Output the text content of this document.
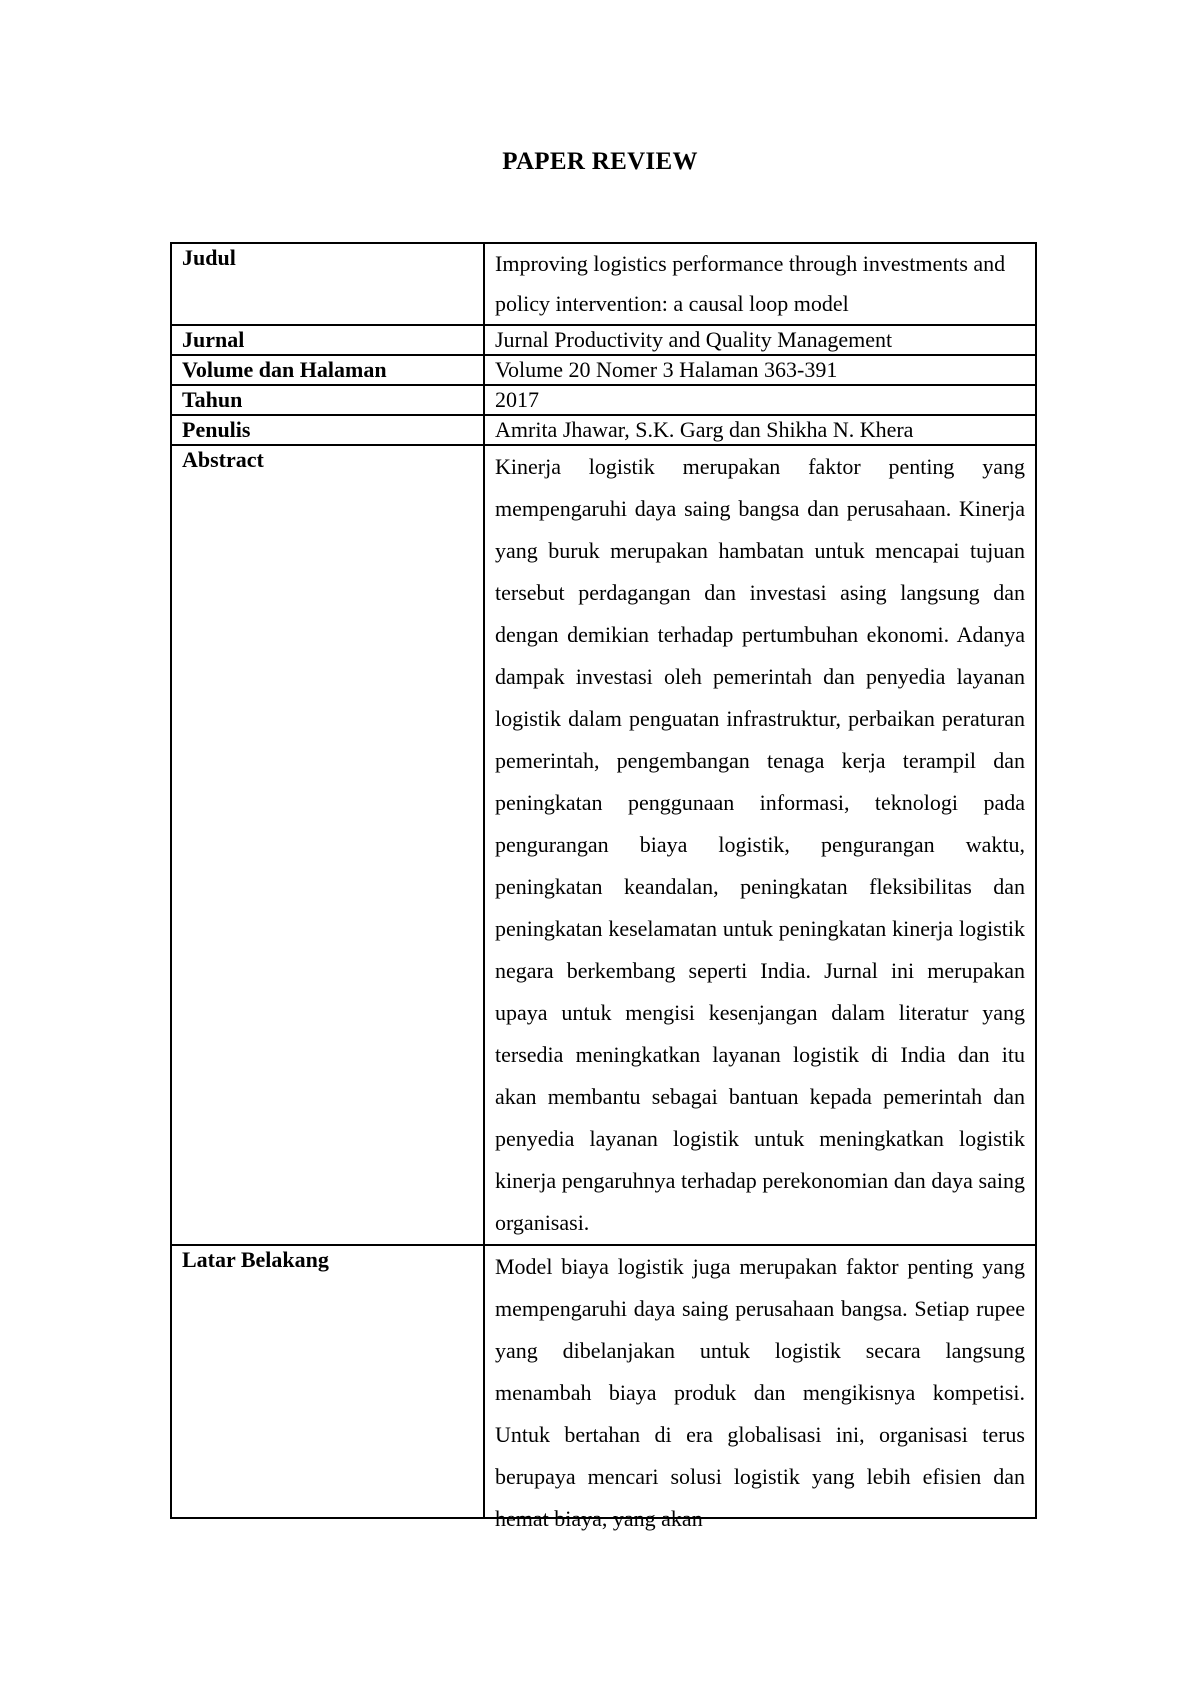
PAPER REVIEW
Judul	Improving logistics performance through investments and policy intervention: a causal loop model
Jurnal	Jurnal Productivity and Quality Management
Volume dan Halaman	Volume 20 Nomer 3 Halaman 363-391
Tahun	2017
Penulis	Amrita Jhawar, S.K. Garg dan Shikha N. Khera
Abstract	Kinerja logistik merupakan faktor penting yang mempengaruhi daya saing bangsa dan perusahaan. Kinerja yang buruk merupakan hambatan untuk mencapai tujuan tersebut perdagangan dan investasi asing langsung dan dengan demikian terhadap pertumbuhan ekonomi. Adanya dampak investasi oleh pemerintah dan penyedia layanan logistik dalam penguatan infrastruktur, perbaikan peraturan pemerintah, pengembangan tenaga kerja terampil dan peningkatan penggunaan informasi, teknologi pada pengurangan biaya logistik, pengurangan waktu, peningkatan keandalan, peningkatan fleksibilitas dan peningkatan keselamatan untuk peningkatan kinerja logistik negara berkembang seperti India. Jurnal ini merupakan upaya untuk mengisi kesenjangan dalam literatur yang tersedia meningkatkan layanan logistik di India dan itu akan membantu sebagai bantuan kepada pemerintah dan penyedia layanan logistik untuk meningkatkan logistik kinerja pengaruhnya terhadap perekonomian dan daya saing organisasi.
Latar Belakang	Model biaya logistik juga merupakan faktor penting yang mempengaruhi daya saing perusahaan bangsa. Setiap rupee yang dibelanjakan untuk logistik secara langsung menambah biaya produk dan mengikisnya kompetisi. Untuk bertahan di era globalisasi ini, organisasi terus berupaya mencari solusi logistik yang lebih efisien dan hemat biaya, yang akan
